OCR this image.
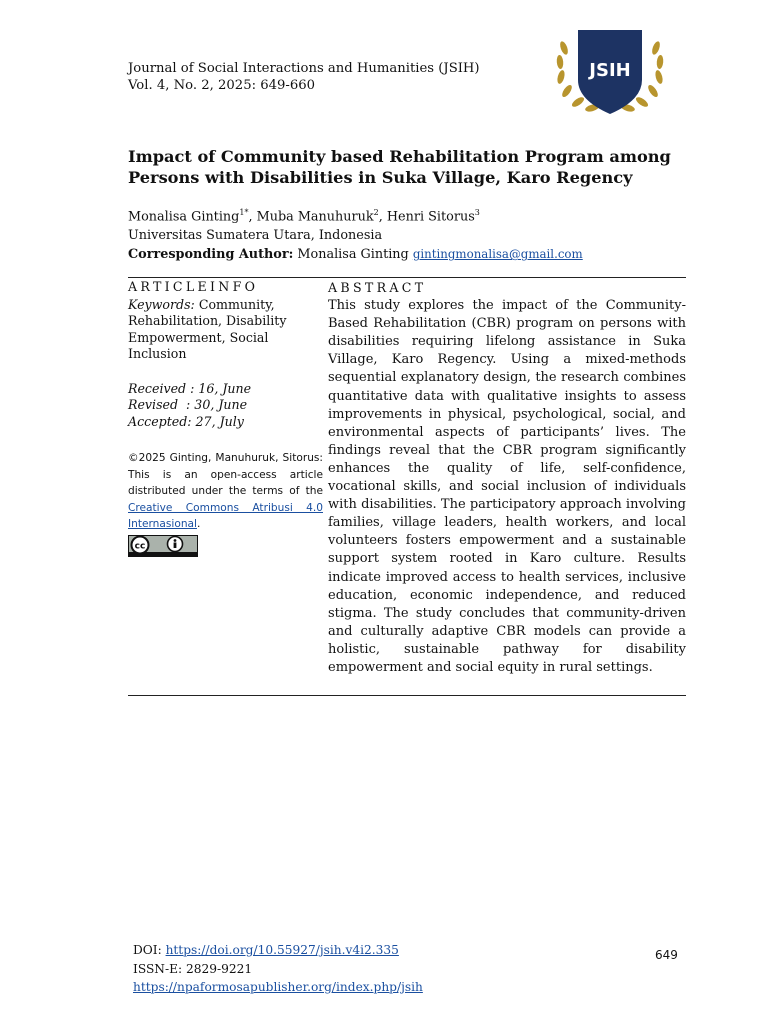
Journal of Social Interactions and Humanities (JSIH)
Vol. 4, No. 2, 2025: 649-660
JSIH
Impact of Community based Rehabilitation Program among Persons with Disabilities in Suka Village, Karo Regency
Monalisa Ginting$^{1*}$, Muba Manuhuruk$^2$, Henri Sitorus$^3$
Universitas Sumatera Utara, Indonesia
Corresponding Author: Monalisa Ginting gintingmonalisa@gmail.com
ARTICLEINFO
Keywords: Community, Rehabilitation, Disability Empowerment, Social Inclusion
Received : 16, June
Revised  : 30, June
Accepted: 27, July
©2025 Ginting, Manuhuruk, Sitorus: This is an open-access article distributed under the terms of the Creative Commons Atribusi 4.0 Internasional.
cc
ABSTRACT
This study explores the impact of the Community-Based Rehabilitation (CBR) program on persons with disabilities requiring lifelong assistance in Suka Village, Karo Regency. Using a mixed-methods sequential explanatory design, the research combines quantitative data with qualitative insights to assess improvements in physical, psychological, social, and environmental aspects of participants’ lives. The findings reveal that the CBR program significantly enhances the quality of life, self-confidence, vocational skills, and social inclusion of individuals with disabilities. The participatory approach involving families, village leaders, health workers, and local volunteers fosters empowerment and a sustainable support system rooted in Karo culture. Results indicate improved access to health services, inclusive education, economic independence, and reduced stigma. The study concludes that community-driven and culturally adaptive CBR models can provide a holistic, sustainable pathway for disability empowerment and social equity in rural settings.
DOI: https://doi.org/10.55927/jsih.v4i2.335
ISSN-E: 2829-9221
https://npaformosapublisher.org/index.php/jsih
649
